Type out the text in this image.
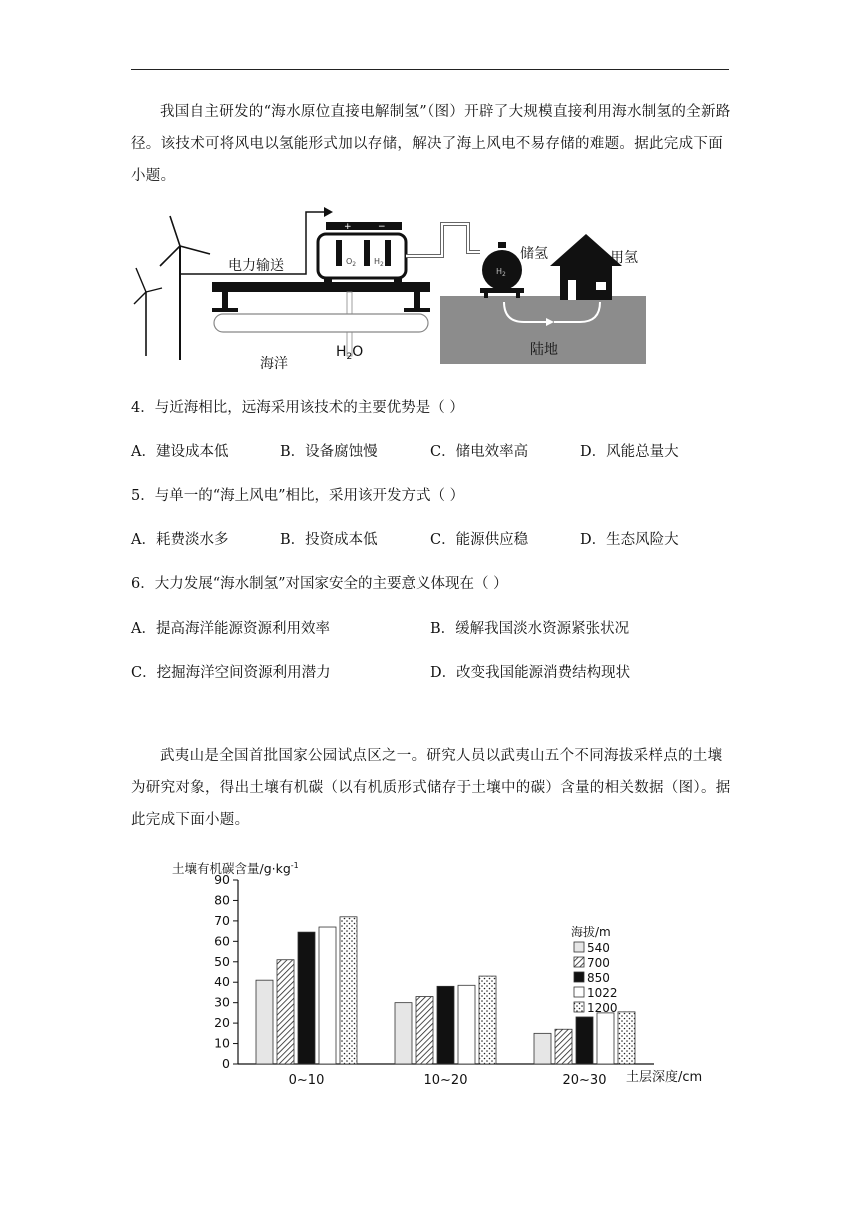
我国自主研发的“海水原位直接电解制氢”（图）开辟了大规模直接利用海水制氢的全新路径。该技术可将风电以氢能形式加以存储，解决了海上风电不易存储的难题。据此完成下面小题。

电力输送
+	−
$O_2$ $H_2$
海洋
$H_2O$	陆地
$H_2$
储氢	用氢

4．与近海相比，远海采用该技术的主要优势是（ ）

A．建设成本低	B．设备腐蚀慢	C．储电效率高	D．风能总量大

5．与单一的“海上风电”相比，采用该开发方式（ ）

A．耗费淡水多	B．投资成本低	C．能源供应稳	D．生态风险大

6．大力发展“海水制氢”对国家安全的主要意义体现在（ ）

A．提高海洋能源资源利用效率	B．缓解我国淡水资源紧张状况
C．挖掘海洋空间资源利用潜力	D．改变我国能源消费结构现状

武夷山是全国首批国家公园试点区之一。研究人员以武夷山五个不同海拔采样点的土壤为研究对象，得出土壤有机碳（以有机质形式储存于土壤中的碳）含量的相关数据（图）。据此完成下面小题。

土壤有机碳含量$/g\cdot kg^{-1}$
0
10
20
30
40
50
60
70
80
90
0~10	10~20	20~30 土层深度/cm
海拔/m
540
700
850
1022
1200
